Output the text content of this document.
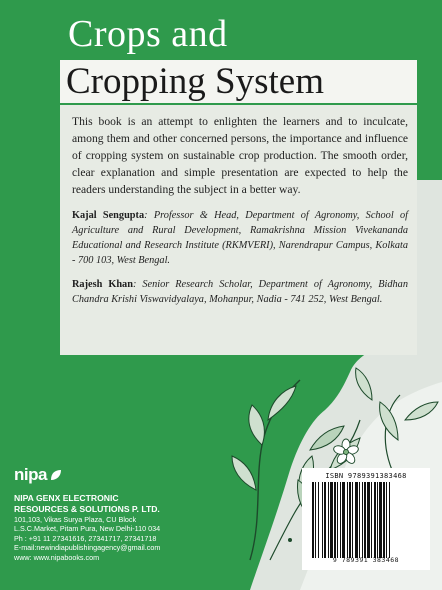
Crops and
Cropping System

This book is an attempt to enlighten the learners and to inculcate, among them and other concerned persons, the importance and influence of cropping system on sustainable crop production. The smooth order, clear explanation and simple presentation are expected to help the readers understanding the subject in a better way.

Kajal Sengupta: Professor & Head, Department of Agronomy, School of Agriculture and Rural Development, Ramakrishna Mission Vivekananda Educational and Research Institute (RKMVERI), Narendrapur Campus, Kolkata - 700 103, West Bengal.

Rajesh Khan: Senior Research Scholar, Department of Agronomy, Bidhan Chandra Krishi Viswavidyalaya, Mohanpur, Nadia - 741 252, West Bengal.

nipa
NIPA GENX ELECTRONIC
RESOURCES & SOLUTIONS P. LTD.
101,103, Vikas Surya Plaza, CU Block
L.S.C.Market, Pitam Pura, New Delhi-110 034
Ph : +91 11 27341616, 27341717, 27341718
E-mail:newindiapublishingagency@gmail.com
www: www.nipabooks.com
ISBN 9789391383468
9 789391 383468
